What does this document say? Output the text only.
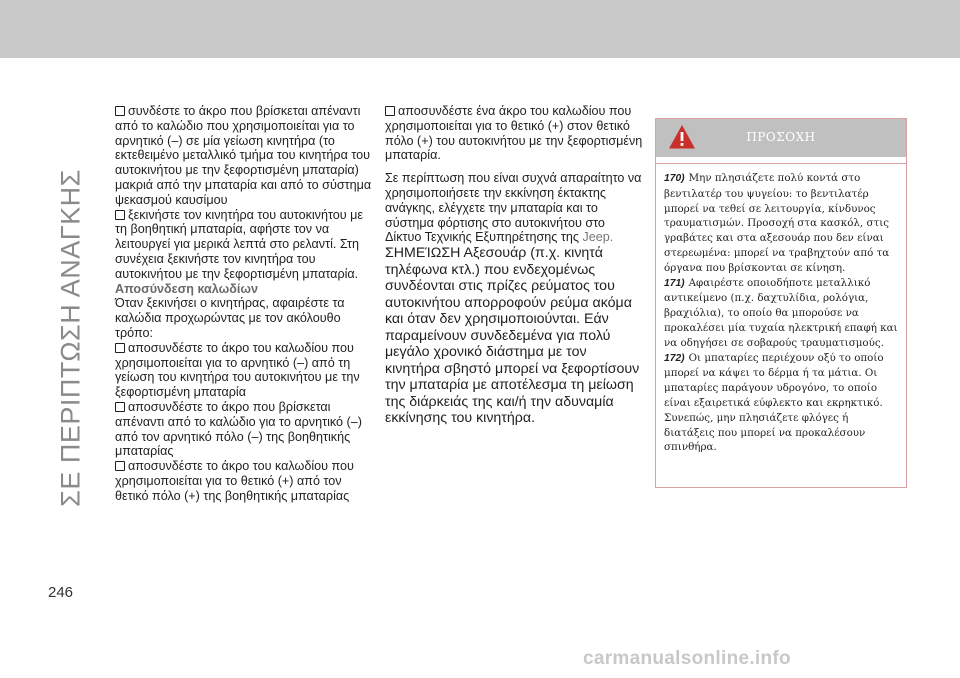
ΣΕ ΠΕΡΙΠΤΩΣΗ ΑΝΑΓΚΗΣ

συνδέστε το άκρο που βρίσκεται απέναντι από το καλώδιο που χρησιμοποιείται για το αρνητικό (–) σε μία γείωση κινητήρα (το εκτεθειμένο μεταλλικό τμήμα του κινητήρα του αυτοκινήτου με την ξεφορτισμένη μπαταρία) μακριά από την μπαταρία και από το σύστημα ψεκασμού καυσίμου

ξεκινήστε τον κινητήρα του αυτοκινήτου με τη βοηθητική μπαταρία, αφήστε τον να λειτουργεί για μερικά λεπτά στο ρελαντί. Στη συνέχεια ξεκινήστε τον κινητήρα του αυτοκινήτου με την ξεφορτισμένη μπαταρία.

Αποσύνδεση καλωδίων

Όταν ξεκινήσει ο κινητήρας, αφαιρέστε τα καλώδια προχωρώντας με τον ακόλουθο τρόπο:

αποσυνδέστε το άκρο του καλωδίου που χρησιμοποιείται για το αρνητικό (–) από τη γείωση του κινητήρα του αυτοκινήτου με την ξεφορτισμένη μπαταρία

αποσυνδέστε το άκρο που βρίσκεται απέναντι από το καλώδιο για το αρνητικό (–) από τον αρνητικό πόλο (–) της βοηθητικής μπαταρίας

αποσυνδέστε το άκρο του καλωδίου που χρησιμοποιείται για το θετικό (+) από τον θετικό πόλο (+) της βοηθητικής μπαταρίας

αποσυνδέστε ένα άκρο του καλωδίου που χρησιμοποιείται για το θετικό (+) στον θετικό πόλο (+) του αυτοκινήτου με την ξεφορτισμένη μπαταρία.

Σε περίπτωση που είναι συχνά απαραίτητο να χρησιμοποιήσετε την εκκίνηση έκτακτης ανάγκης, ελέγχετε την μπαταρία και το σύστημα φόρτισης στο αυτοκινήτου στο Δίκτυο Τεχνικής Εξυπηρέτησης της Jeep.

ΣΗΜΕΊΩΣΗ Αξεσουάρ (π.χ. κινητά τηλέφωνα κτλ.) που ενδεχομένως συνδέονται στις πρίζες ρεύματος του αυτοκινήτου απορροφούν ρεύμα ακόμα και όταν δεν χρησιμοποιούνται. Εάν παραμείνουν συνδεδεμένα για πολύ μεγάλο χρονικό διάστημα με τον κινητήρα σβηστό μπορεί να ξεφορτίσουν την μπαταρία με αποτέλεσμα τη μείωση της διάρκειάς της και/ή την αδυναμία εκκίνησης του κινητήρα.

ΠΡΟΣΟΧΗ

170) Μην πλησιάζετε πολύ κοντά στο βεντιλατέρ του ψυγείου: το βεντιλατέρ μπορεί να τεθεί σε λειτουργία, κίνδυνος τραυματισμών. Προσοχή στα κασκόλ, στις γραβάτες και στα αξεσουάρ που δεν είναι στερεωμένα: μπορεί να τραβηχτούν από τα όργανα που βρίσκονται σε κίνηση.

171) Αφαιρέστε οποιοδήποτε μεταλλικό αντικείμενο (π.χ. δαχτυλίδια, ρολόγια, βραχιόλια), το οποίο θα μπορούσε να προκαλέσει μία τυχαία ηλεκτρική επαφή και να οδηγήσει σε σοβαρούς τραυματισμούς.

172) Οι μπαταρίες περιέχουν οξύ το οποίο μπορεί να κάψει το δέρμα ή τα μάτια. Οι μπαταρίες παράγουν υδρογόνο, το οποίο είναι εξαιρετικά εύφλεκτο και εκρηκτικό. Συνεπώς, μην πλησιάζετε φλόγες ή διατάξεις που μπορεί να προκαλέσουν σπινθήρα.

246
carmanualsonline.info
